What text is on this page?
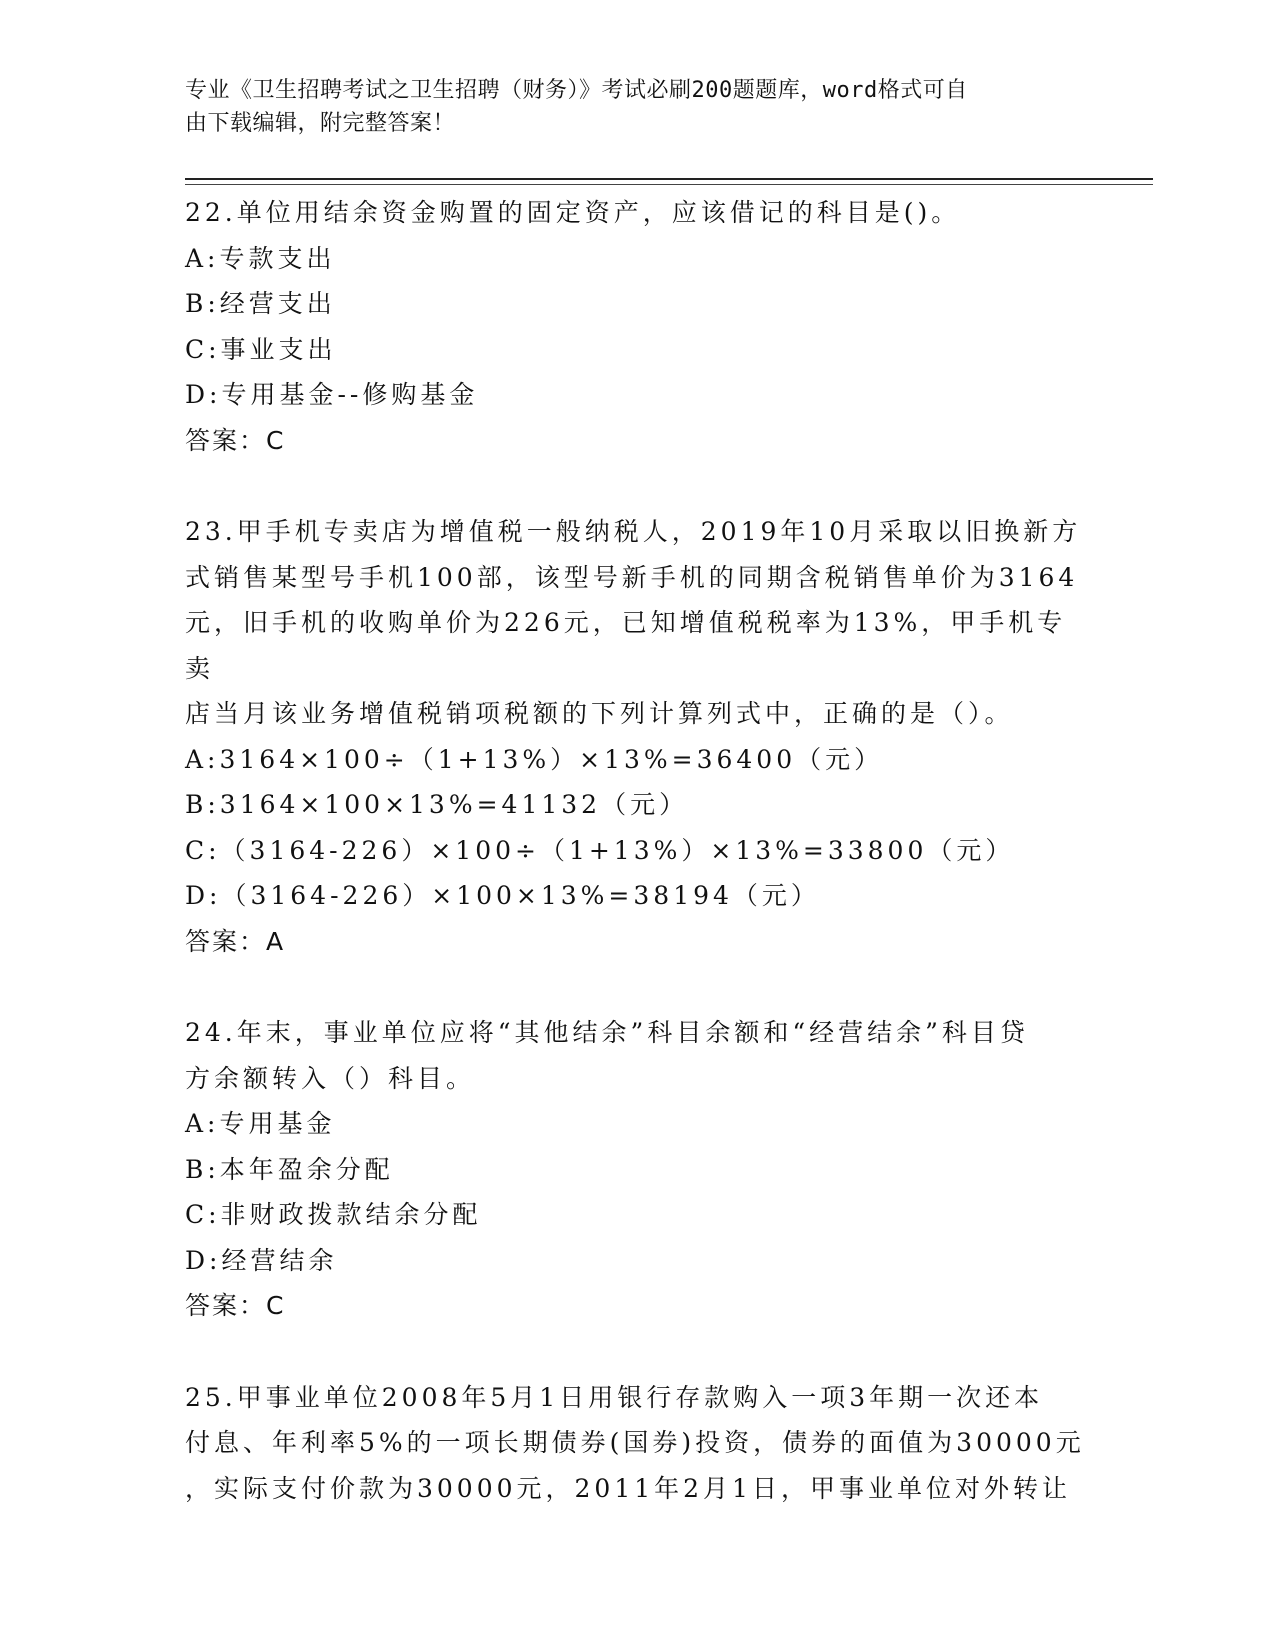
专业《卫生招聘考试之卫生招聘（财务）》考试必刷200题题库，word格式可自
由下载编辑，附完整答案！
22.单位用结余资金购置的固定资产，应该借记的科目是()。
A:专款支出
B:经营支出
C:事业支出
D:专用基金--修购基金
答案：C
23.甲手机专卖店为增值税一般纳税人，2019年10月采取以旧换新方
式销售某型号手机100部，该型号新手机的同期含税销售单价为3164
元，旧手机的收购单价为226元，已知增值税税率为13%，甲手机专卖
店当月该业务增值税销项税额的下列计算列式中，正确的是（）。
A:3164×100÷（1+13%）×13%=36400（元）
B:3164×100×13%=41132（元）
C:（3164-226）×100÷（1+13%）×13%=33800（元）
D:（3164-226）×100×13%=38194（元）
答案：A
24.年末，事业单位应将“其他结余”科目余额和“经营结余”科目贷
方余额转入（）科目。
A:专用基金
B:本年盈余分配
C:非财政拨款结余分配
D:经营结余
答案：C
25.甲事业单位2008年5月1日用银行存款购入一项3年期一次还本
付息、年利率5%的一项长期债券(国券)投资，债券的面值为30000元
，实际支付价款为30000元，2011年2月1日，甲事业单位对外转让
